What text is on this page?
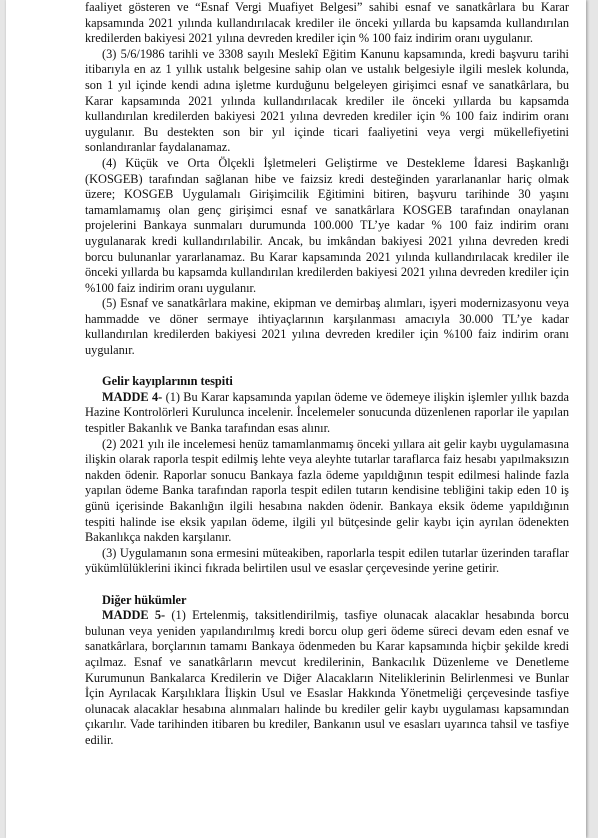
faaliyet gösteren ve “Esnaf Vergi Muafiyet Belgesi” sahibi esnaf ve sanatkârlara bu Karar kapsamında 2021 yılında kullandırılacak krediler ile önceki yıllarda bu kapsamda kullandırılan kredilerden bakiyesi 2021 yılına devreden krediler için % 100 faiz indirim oranı uygulanır.

(3) 5/6/1986 tarihli ve 3308 sayılı Meslekî Eğitim Kanunu kapsamında, kredi başvuru tarihi itibarıyla en az 1 yıllık ustalık belgesine sahip olan ve ustalık belgesiyle ilgili meslek kolunda, son 1 yıl içinde kendi adına işletme kurduğunu belgeleyen girişimci esnaf ve sanatkârlara, bu Karar kapsamında 2021 yılında kullandırılacak krediler ile önceki yıllarda bu kapsamda kullandırılan kredilerden bakiyesi 2021 yılına devreden krediler için % 100 faiz indirim oranı uygulanır. Bu destekten son bir yıl içinde ticari faaliyetini veya vergi mükellefiyetini sonlandıranlar faydalanamaz.

(4) Küçük ve Orta Ölçekli İşletmeleri Geliştirme ve Destekleme İdaresi Başkanlığı (KOSGEB) tarafından sağlanan hibe ve faizsiz kredi desteğinden yararlananlar hariç olmak üzere; KOSGEB Uygulamalı Girişimcilik Eğitimini bitiren, başvuru tarihinde 30 yaşını tamamlamamış olan genç girişimci esnaf ve sanatkârlara KOSGEB tarafından onaylanan projelerini Bankaya sunmaları durumunda 100.000 TL’ye kadar % 100 faiz indirim oranı uygulanarak kredi kullandırılabilir. Ancak, bu imkândan bakiyesi 2021 yılına devreden kredi borcu bulunanlar yararlanamaz. Bu Karar kapsamında 2021 yılında kullandırılacak krediler ile önceki yıllarda bu kapsamda kullandırılan kredilerden bakiyesi 2021 yılına devreden krediler için %100 faiz indirim oranı uygulanır.

(5) Esnaf ve sanatkârlara makine, ekipman ve demirbaş alımları, işyeri modernizasyonu veya hammadde ve döner sermaye ihtiyaçlarının karşılanması amacıyla 30.000 TL’ye kadar kullandırılan kredilerden bakiyesi 2021 yılına devreden krediler için %100 faiz indirim oranı uygulanır.

Gelir kayıplarının tespiti

MADDE 4- (1) Bu Karar kapsamında yapılan ödeme ve ödemeye ilişkin işlemler yıllık bazda Hazine Kontrolörleri Kurulunca incelenir. İncelemeler sonucunda düzenlenen raporlar ile yapılan tespitler Bakanlık ve Banka tarafından esas alınır.

(2) 2021 yılı ile incelemesi henüz tamamlanmamış önceki yıllara ait gelir kaybı uygulamasına ilişkin olarak raporla tespit edilmiş lehte veya aleyhte tutarlar taraflarca faiz hesabı yapılmaksızın nakden ödenir. Raporlar sonucu Bankaya fazla ödeme yapıldığının tespit edilmesi halinde fazla yapılan ödeme Banka tarafından raporla tespit edilen tutarın kendisine tebliğini takip eden 10 iş günü içerisinde Bakanlığın ilgili hesabına nakden ödenir. Bankaya eksik ödeme yapıldığının tespiti halinde ise eksik yapılan ödeme, ilgili yıl bütçesinde gelir kaybı için ayrılan ödenekten Bakanlıkça nakden karşılanır.

(3) Uygulamanın sona ermesini müteakiben, raporlarla tespit edilen tutarlar üzerinden taraflar yükümlülüklerini ikinci fıkrada belirtilen usul ve esaslar çerçevesinde yerine getirir.

Diğer hükümler

MADDE 5- (1) Ertelenmiş, taksitlendirilmiş, tasfiye olunacak alacaklar hesabında borcu bulunan veya yeniden yapılandırılmış kredi borcu olup geri ödeme süreci devam eden esnaf ve sanatkârlara, borçlarının tamamı Bankaya ödenmeden bu Karar kapsamında hiçbir şekilde kredi açılmaz. Esnaf ve sanatkârların mevcut kredilerinin, Bankacılık Düzenleme ve Denetleme Kurumunun Bankalarca Kredilerin ve Diğer Alacakların Niteliklerinin Belirlenmesi ve Bunlar İçin Ayrılacak Karşılıklara İlişkin Usul ve Esaslar Hakkında Yönetmeliği çerçevesinde tasfiye olunacak alacaklar hesabına alınmaları halinde bu krediler gelir kaybı uygulaması kapsamından çıkarılır. Vade tarihinden itibaren bu krediler, Bankanın usul ve esasları uyarınca tahsil ve tasfiye edilir.
